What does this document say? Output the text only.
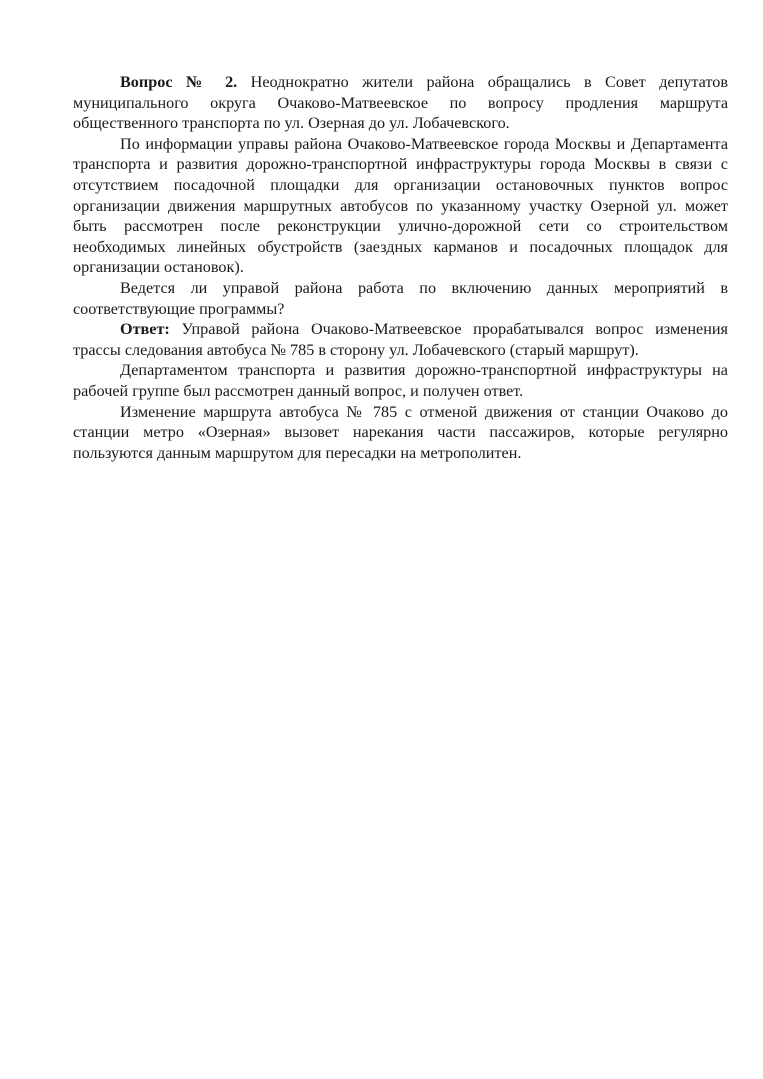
Вопрос № 2. Неоднократно жители района обращались в Совет депутатов муниципального округа Очаково-Матвеевское по вопросу продления маршрута общественного транспорта по ул. Озерная до ул. Лобачевского.

По информации управы района Очаково-Матвеевское города Москвы и Департамента транспорта и развития дорожно-транспортной инфраструктуры города Москвы в связи с отсутствием посадочной площадки для организации остановочных пунктов вопрос организации движения маршрутных автобусов по указанному участку Озерной ул. может быть рассмотрен после реконструкции улично-дорожной сети со строительством необходимых линейных обустройств (заездных карманов и посадочных площадок для организации остановок).

Ведется ли управой района работа по включению данных мероприятий в соответствующие программы?

Ответ: Управой района Очаково-Матвеевское прорабатывался вопрос изменения трассы следования автобуса № 785 в сторону ул. Лобачевского (старый маршрут).

Департаментом транспорта и развития дорожно-транспортной инфраструктуры на рабочей группе был рассмотрен данный вопрос, и получен ответ.

Изменение маршрута автобуса № 785 с отменой движения от станции Очаково до станции метро «Озерная» вызовет нарекания части пассажиров, которые регулярно пользуются данным маршрутом для пересадки на метрополитен.
